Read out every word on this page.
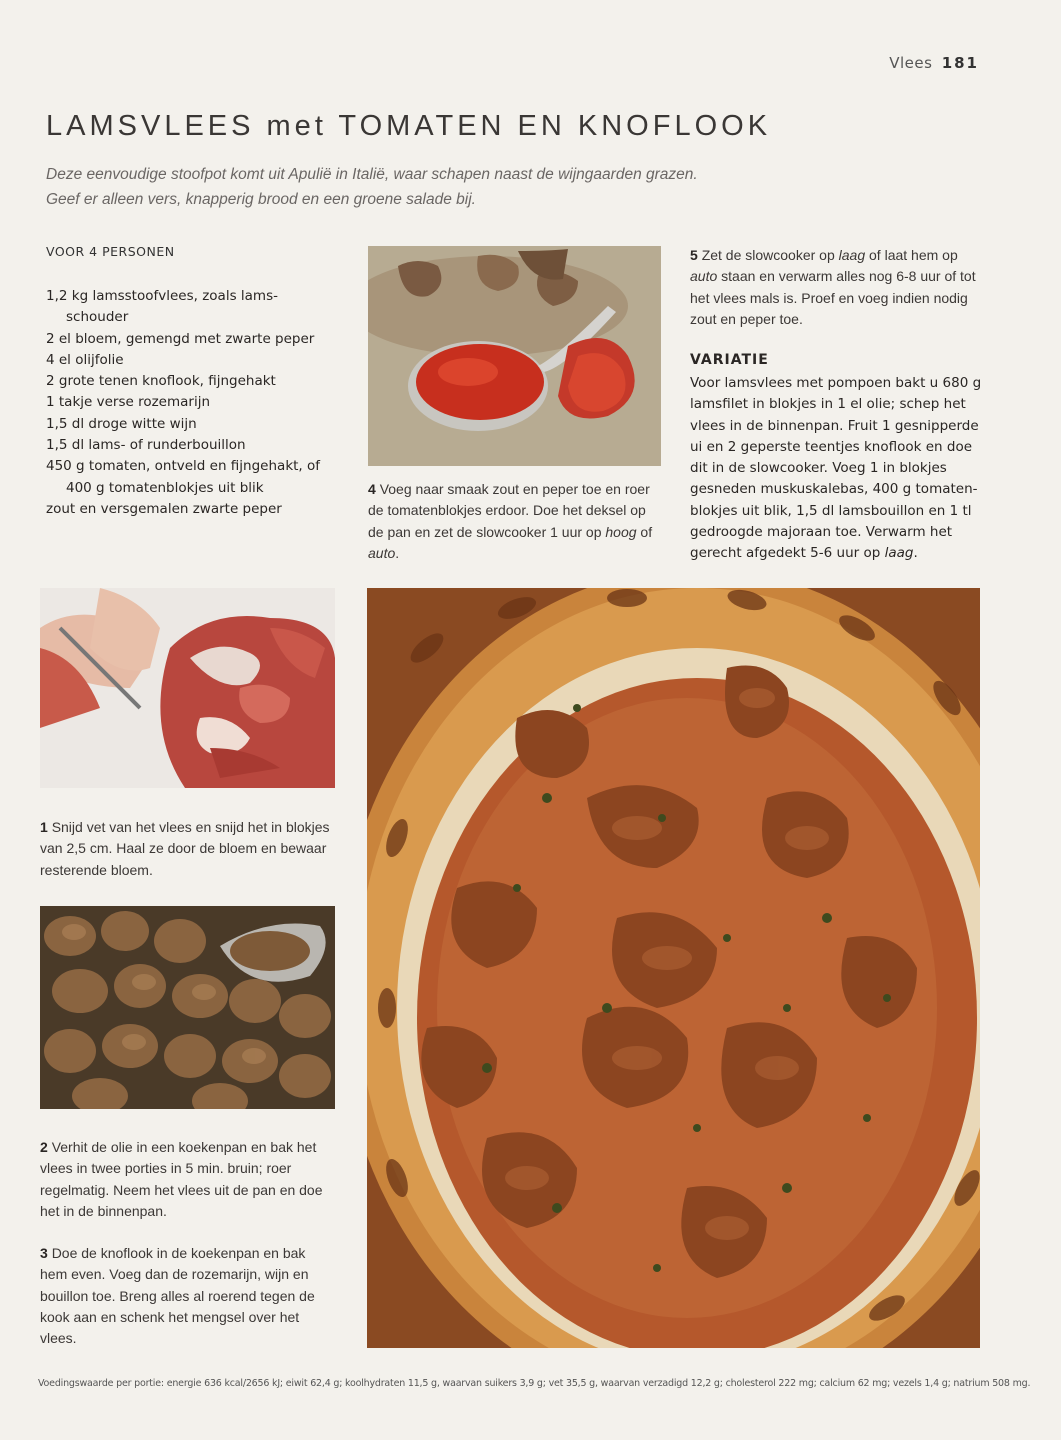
Vlees 181
LAMSVLEES met TOMATEN EN KNOFLOOK
Deze eenvoudige stoofpot komt uit Apulië in Italië, waar schapen naast de wijngaarden grazen.
Geef er alleen vers, knapperig brood en een groene salade bij.
VOOR 4 PERSONEN
1,2 kg lamsstoofvlees, zoals lams-
schouder
2 el bloem, gemengd met zwarte peper
4 el olijfolie
2 grote tenen knoflook, fijngehakt
1 takje verse rozemarijn
1,5 dl droge witte wijn
1,5 dl lams- of runderbouillon
450 g tomaten, ontveld en fijngehakt, of
400 g tomatenblokjes uit blik
zout en versgemalen zwarte peper
4 Voeg naar smaak zout en peper toe en roer de tomatenblokjes erdoor. Doe het deksel op de pan en zet de slowcooker 1 uur op hoog of auto.
5 Zet de slowcooker op laag of laat hem op auto staan en verwarm alles nog 6-8 uur of tot het vlees mals is. Proef en voeg indien nodig zout en peper toe.
VARIATIE
Voor lamsvlees met pompoen bakt u 680 g lamsfilet in blokjes in 1 el olie; schep het vlees in de binnenpan. Fruit 1 gesnipperde ui en 2 geperste teentjes knoflook en doe dit in de slowcooker. Voeg 1 in blokjes gesneden muskuskalebas, 400 g tomaten-blokjes uit blik, 1,5 dl lamsbouillon en 1 tl gedroogde majoraan toe. Verwarm het gerecht afgedekt 5-6 uur op laag.
1 Snijd vet van het vlees en snijd het in blokjes van 2,5 cm. Haal ze door de bloem en bewaar resterende bloem.
2 Verhit de olie in een koekenpan en bak het vlees in twee porties in 5 min. bruin; roer regelmatig. Neem het vlees uit de pan en doe het in de binnenpan.
3 Doe de knoflook in de koekenpan en bak hem even. Voeg dan de rozemarijn, wijn en bouillon toe. Breng alles al roerend tegen de kook aan en schenk het mengsel over het vlees.
Voedingswaarde per portie: energie 636 kcal/2656 kJ; eiwit 62,4 g; koolhydraten 11,5 g, waarvan suikers 3,9 g; vet 35,5 g, waarvan verzadigd 12,2 g; cholesterol 222 mg; calcium 62 mg; vezels 1,4 g; natrium 508 mg.
